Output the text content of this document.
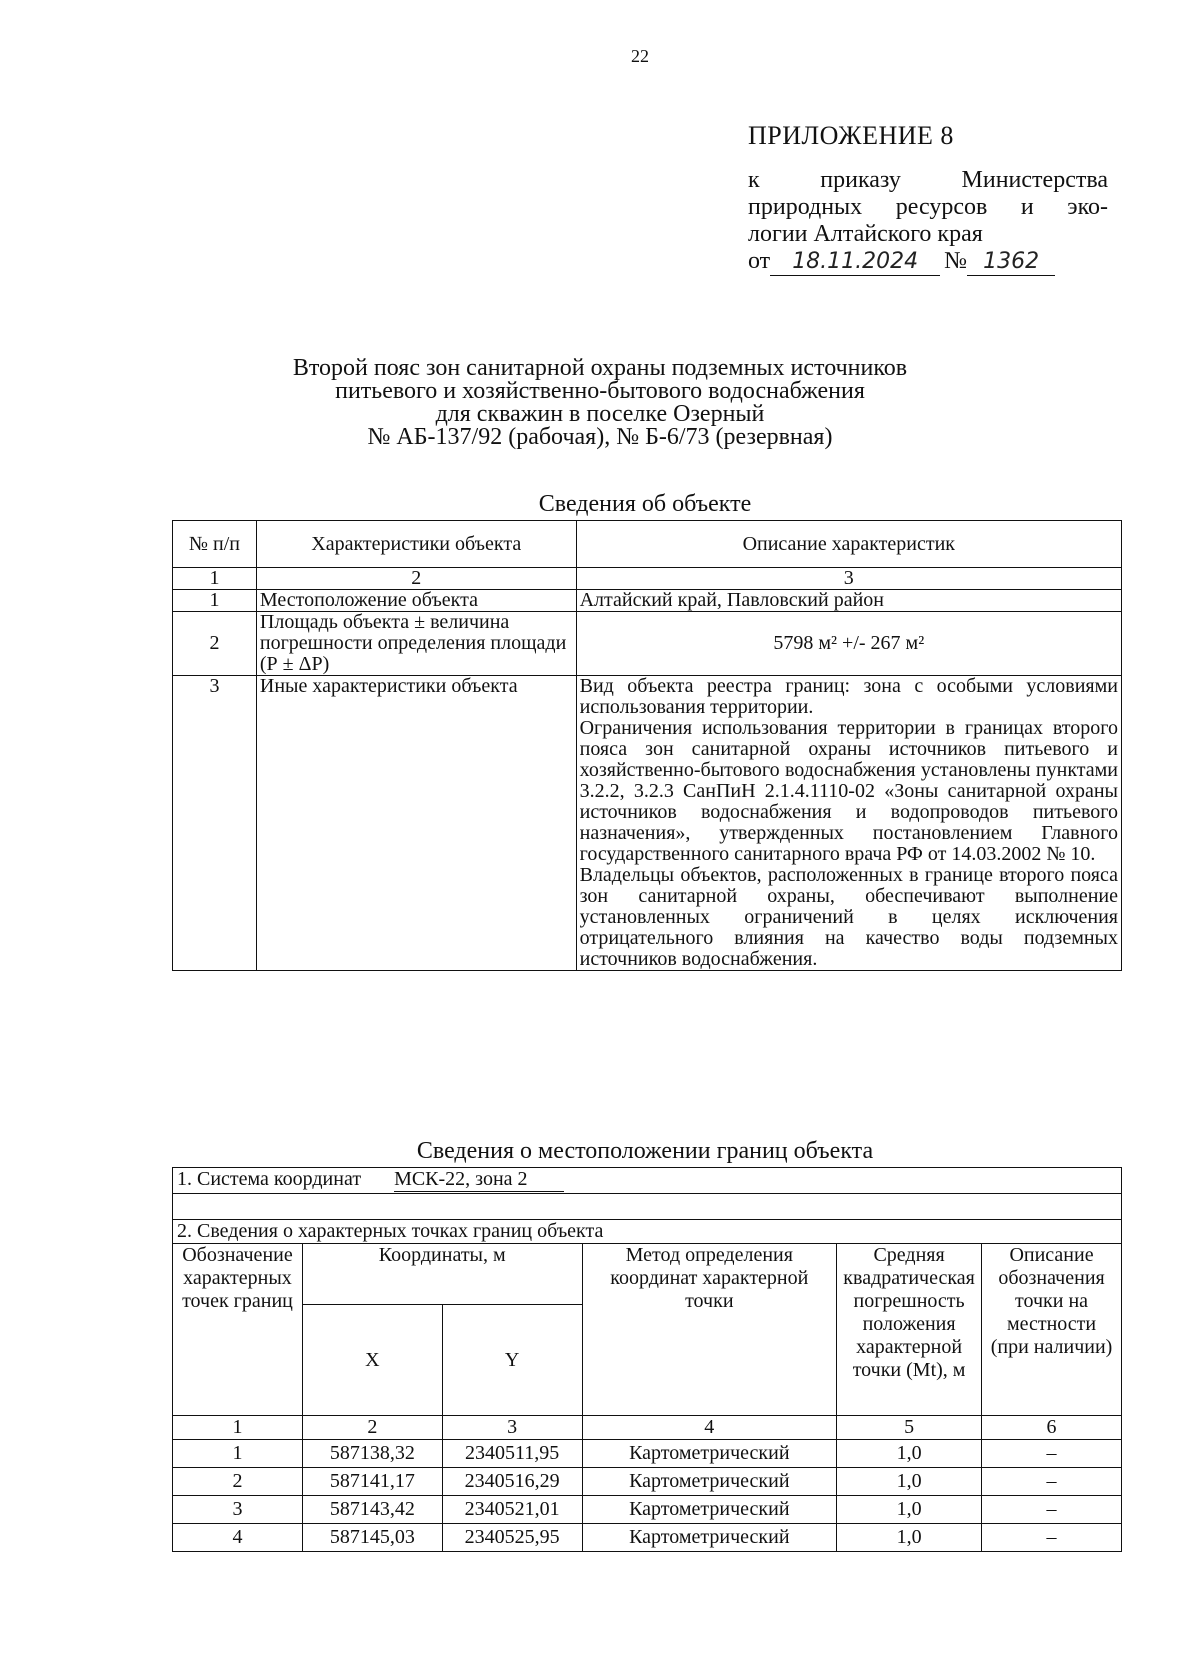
22
ПРИЛОЖЕНИЕ 8
к приказу Министерства
природных ресурсов и эко-
логии Алтайского края
от	18.11.2024	№ 1362
Второй пояс зон санитарной охраны подземных источников
питьевого и хозяйственно-бытового водоснабжения
для скважин в поселке Озерный
№ АБ-137/92 (рабочая), № Б-6/73 (резервная)
Сведения об объекте
№ п/п	Характеристики объекта	Описание характеристик
1	2	3
1	Местоположение объекта	Алтайский край, Павловский район
2	Площадь объекта ± величина погрешности определения площади (Р ± ΔР)	5798 м² +/- 267 м²
3	Иные характеристики объекта	Вид объекта реестра границ: зона с особыми условиями использования территории.
Ограничения использования территории в границах второго пояса зон санитарной охраны источников питьевого и хозяйственно-бытового водоснабжения установлены пунктами 3.2.2, 3.2.3 СанПиН 2.1.4.1110-02 «Зоны санитарной охраны источников водоснабжения и водопроводов питьевого назначения», утвержденных постановлением Главного государственного санитарного врача РФ от 14.03.2002 № 10.
Владельцы объектов, расположенных в границе второго пояса зон санитарной охраны, обеспечивают выполнение установленных ограничений в целях исключения отрицательного влияния на качество воды подземных источников водоснабжения.
Сведения о местоположении границ объекта
1. Система координат МСК-22, зона 2					

2. Сведения о характерных точках границ объекта					
Обозначение характерных точек границ	Координаты, м		Метод определения координат характерной точки	Средняя квадратическая погрешность положения характерной точки (Mt), м	Описание обозначения точки на местности (при наличии)
	X	Y			
1	2	3	4	5	6
1	587138,32	2340511,95	Картометрический	1,0	–
2	587141,17	2340516,29	Картометрический	1,0	–
3	587143,42	2340521,01	Картометрический	1,0	–
4	587145,03	2340525,95	Картометрический	1,0	–
